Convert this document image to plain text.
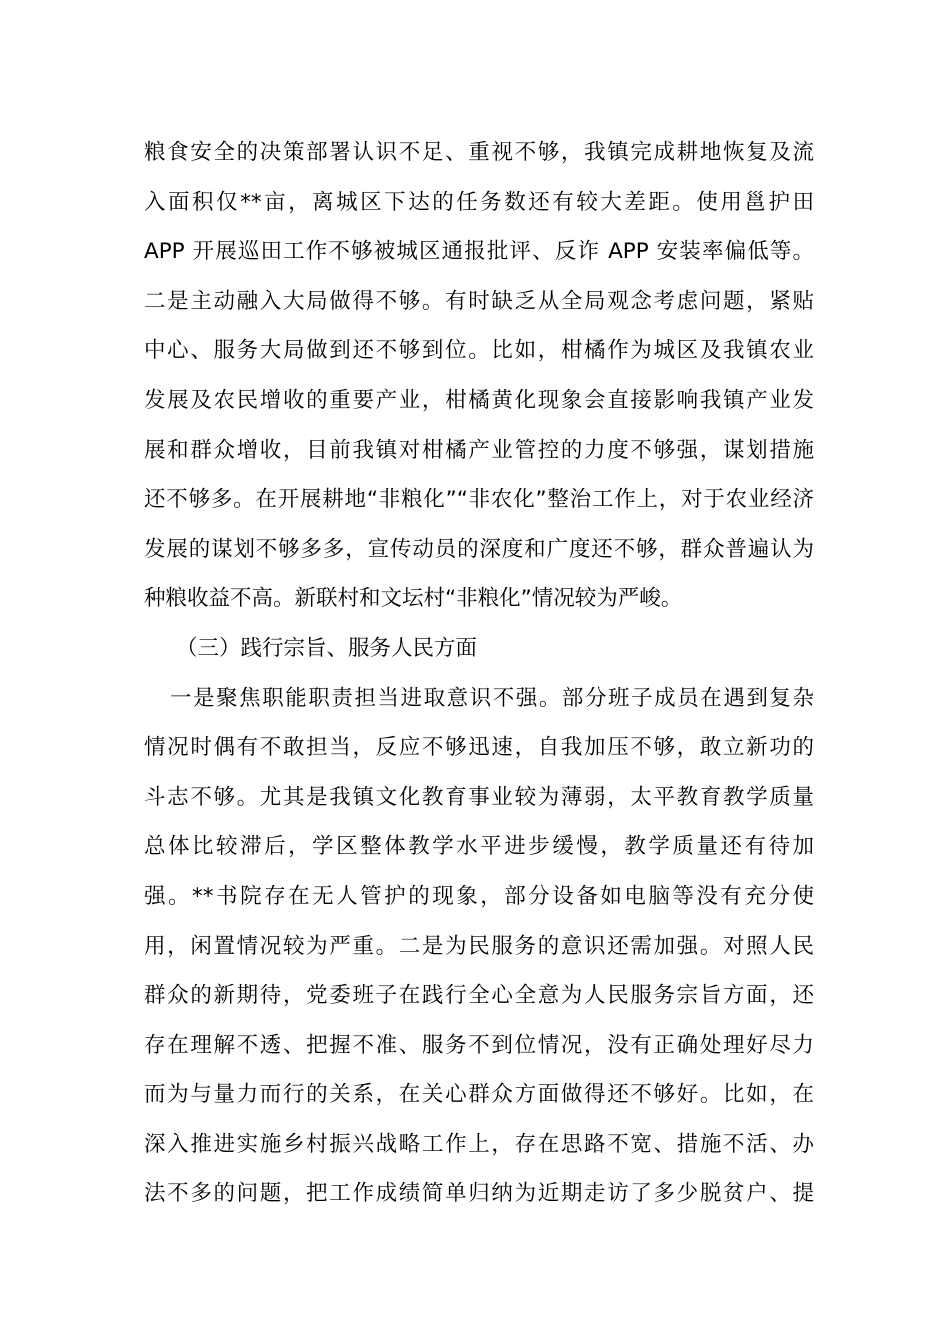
粮食安全的决策部署认识不足、重视不够，我镇完成耕地恢复及流
入面积仅**亩，离城区下达的任务数还有较大差距。使用邕护田
APP 开展巡田工作不够被城区通报批评、反诈 APP 安装率偏低等。
二是主动融入大局做得不够。有时缺乏从全局观念考虑问题，紧贴
中心、服务大局做到还不够到位。比如，柑橘作为城区及我镇农业
发展及农民增收的重要产业，柑橘黄化现象会直接影响我镇产业发
展和群众增收，目前我镇对柑橘产业管控的力度不够强，谋划措施
还不够多。在开展耕地“非粮化”“非农化”整治工作上，对于农业经济
发展的谋划不够多多，宣传动员的深度和广度还不够，群众普遍认为
种粮收益不高。新联村和文坛村“非粮化”情况较为严峻。
（三）践行宗旨、服务人民方面
一是聚焦职能职责担当进取意识不强。部分班子成员在遇到复杂
情况时偶有不敢担当，反应不够迅速，自我加压不够，敢立新功的
斗志不够。尤其是我镇文化教育事业较为薄弱，太平教育教学质量
总体比较滞后，学区整体教学水平进步缓慢，教学质量还有待加
强。**书院存在无人管护的现象，部分设备如电脑等没有充分使
用，闲置情况较为严重。二是为民服务的意识还需加强。对照人民
群众的新期待，党委班子在践行全心全意为人民服务宗旨方面，还
存在理解不透、把握不准、服务不到位情况，没有正确处理好尽力
而为与量力而行的关系，在关心群众方面做得还不够好。比如，在
深入推进实施乡村振兴战略工作上，存在思路不宽、措施不活、办
法不多的问题，把工作成绩简单归纳为近期走访了多少脱贫户、提
